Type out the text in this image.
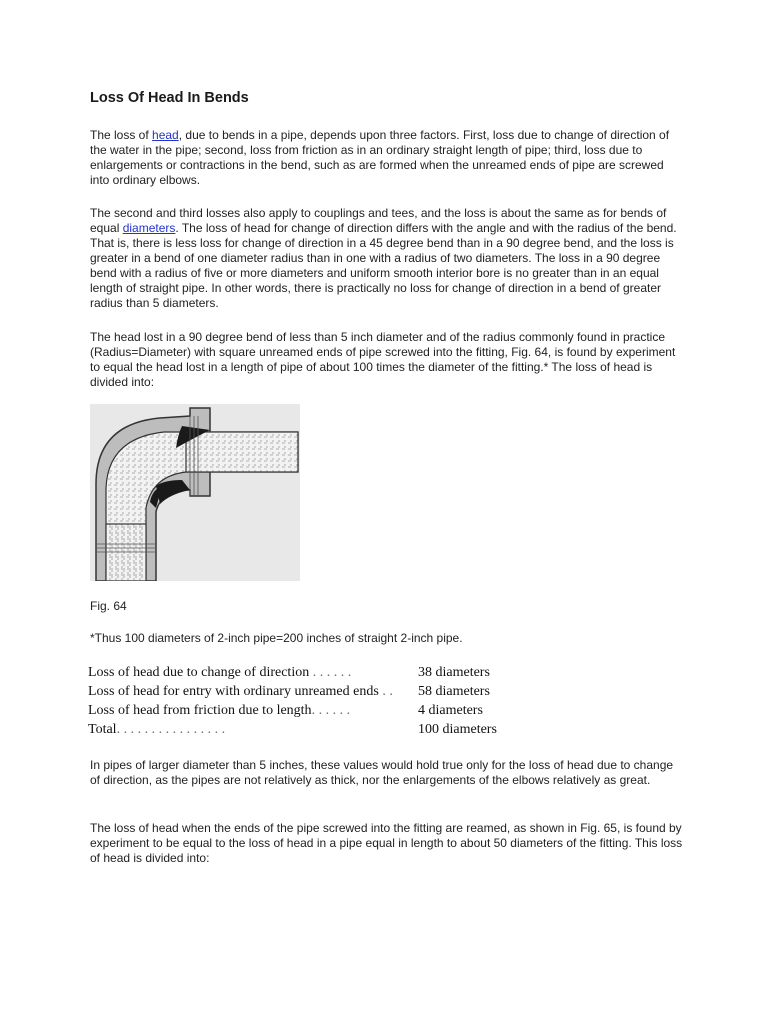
Loss Of Head In Bends

The loss of head, due to bends in a pipe, depends upon three factors. First, loss due to change of direction of the water in the pipe; second, loss from friction as in an ordinary straight length of pipe; third, loss due to enlargements or contractions in the bend, such as are formed when the unreamed ends of pipe are screwed into ordinary elbows.

The second and third losses also apply to couplings and tees, and the loss is about the same as for bends of equal diameters. The loss of head for change of direction differs with the angle and with the radius of the bend. That is, there is less loss for change of direction in a 45 degree bend than in a 90 degree bend, and the loss is greater in a bend of one diameter radius than in one with a radius of two diameters. The loss in a 90 degree bend with a radius of five or more diameters and uniform smooth interior bore is no greater than in an equal length of straight pipe. In other words, there is practically no loss for change of direction in a bend of greater radius than 5 diameters.

The head lost in a 90 degree bend of less than 5 inch diameter and of the radius commonly found in practice (Radius=Diameter) with square unreamed ends of pipe screwed into the fitting, Fig. 64, is found by experiment to equal the head lost in a length of pipe of about 100 times the diameter of the fitting.* The loss of head is divided into:

Fig. 64

*Thus 100 diameters of 2-inch pipe=200 inches of straight 2-inch pipe.

Loss of head due to change of direction . . . . . .	38 diameters
Loss of head for entry with ordinary unreamed ends . .	58 diameters
Loss of head from friction due to length. . . . . .	4 diameters
Total. . . . . . . . . . . . . . . .	100 diameters

In pipes of larger diameter than 5 inches, these values would hold true only for the loss of head due to change of direction, as the pipes are not relatively as thick, nor the enlargements of the elbows relatively as great.

The loss of head when the ends of the pipe screwed into the fitting are reamed, as shown in Fig. 65, is found by experiment to be equal to the loss of head in a pipe equal in length to about 50 diameters of the fitting. This loss of head is divided into:
